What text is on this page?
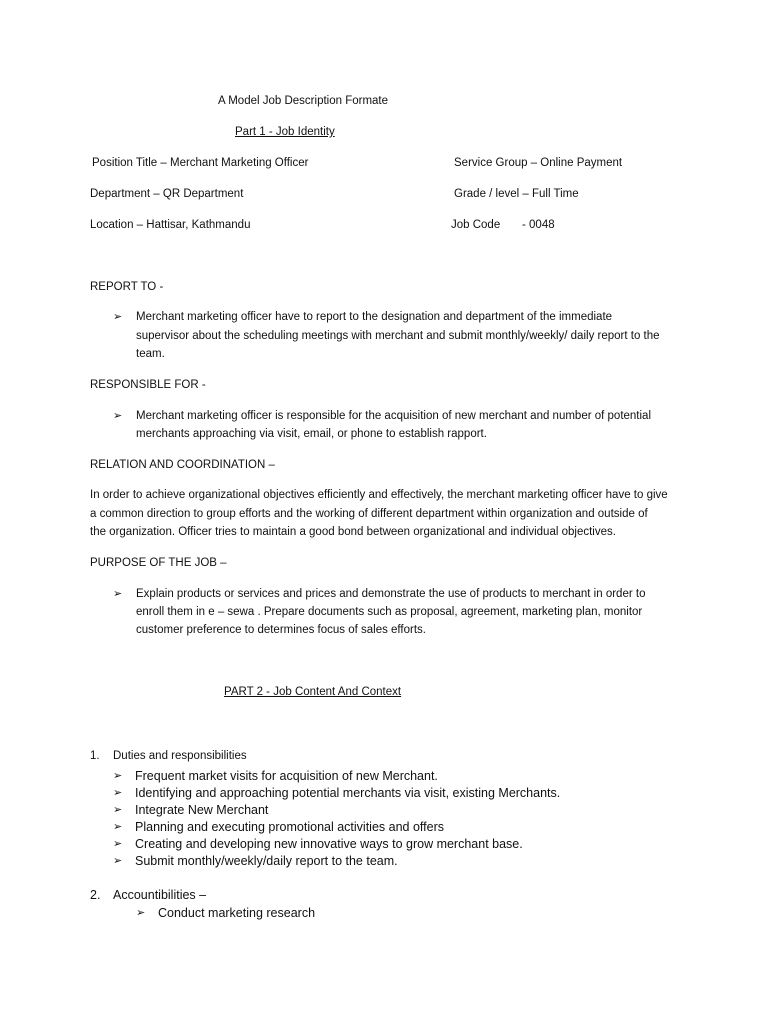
A Model Job Description Formate
Part 1 - Job Identity
Position Title – Merchant Marketing Officer	Service Group – Online Payment
Department – QR Department	Grade / level – Full Time
Location – Hattisar, Kathmandu	Job Code - 0048
REPORT TO -
➢ Merchant marketing officer have to report to the designation and department of the immediate
supervisor about the scheduling meetings with merchant and submit monthly/weekly/ daily report to the
team.
RESPONSIBLE FOR -
➢ Merchant marketing officer is responsible for the acquisition of new merchant and number of potential
merchants approaching via visit, email, or phone to establish rapport.
RELATION AND COORDINATION –
In order to achieve organizational objectives efficiently and effectively, the merchant marketing officer have to give
a common direction to group efforts and the working of different department within organization and outside of
the organization. Officer tries to maintain a good bond between organizational and individual objectives.
PURPOSE OF THE JOB –
➢ Explain products or services and prices and demonstrate the use of products to merchant in order to
enroll them in e – sewa . Prepare documents such as proposal, agreement, marketing plan, monitor
customer preference to determines focus of sales efforts.
PART 2 - Job Content And Context
1. Duties and responsibilities
➢ Frequent market visits for acquisition of new Merchant.
➢ Identifying and approaching potential merchants via visit, existing Merchants.
➢ Integrate New Merchant
➢ Planning and executing promotional activities and offers
➢ Creating and developing new innovative ways to grow merchant base.
➢ Submit monthly/weekly/daily report to the team.
2. Accountibilities –
➢ Conduct marketing research
